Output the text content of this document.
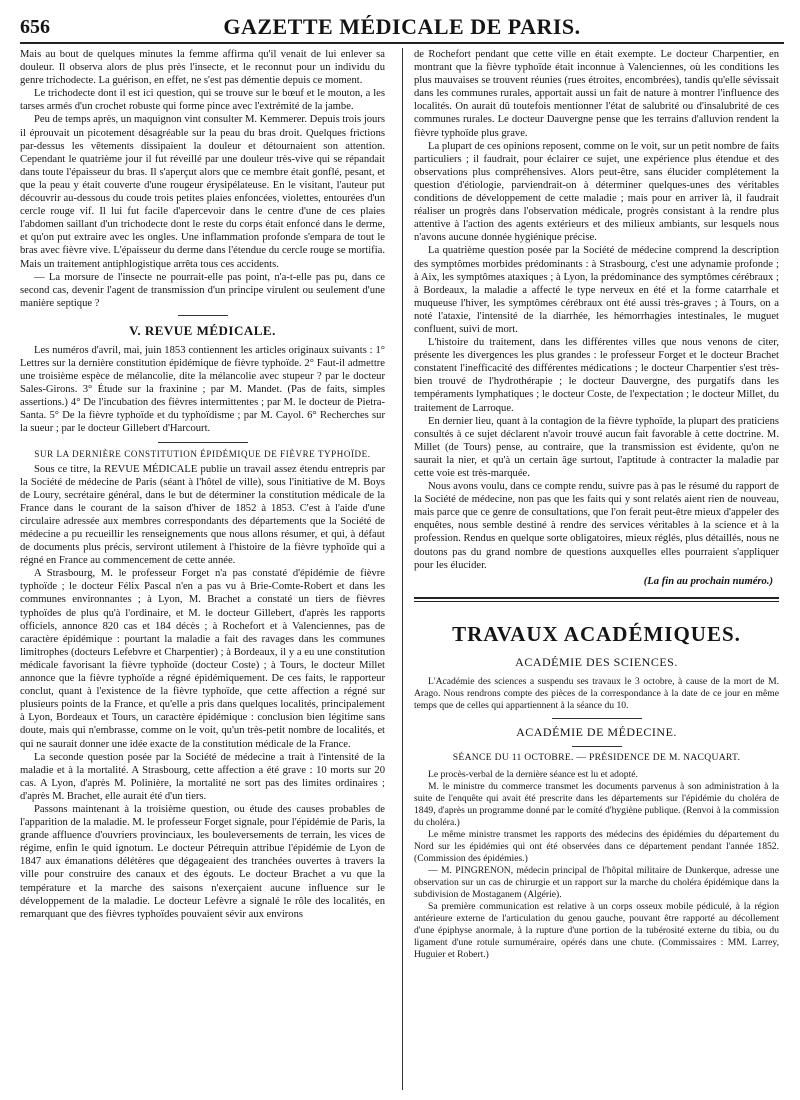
656	GAZETTE MÉDICALE DE PARIS.

Mais au bout de quelques minutes la femme affirma qu'il venait de lui enlever sa douleur. Il observa alors de plus près l'insecte, et le reconnut pour un individu du genre trichodecte. La guérison, en effet, ne s'est pas démentie depuis ce moment.

Le trichodecte dont il est ici question, qui se trouve sur le bœuf et le mouton, a les tarses armés d'un crochet robuste qui forme pince avec l'extrémité de la jambe.

Peu de temps après, un maquignon vint consulter M. Kemmerer. Depuis trois jours il éprouvait un picotement désagréable sur la peau du bras droit. Quelques frictions par-dessus les vêtements dissipaient la douleur et détournaient son attention. Cependant le quatrième jour il fut réveillé par une douleur très-vive qui se répandait dans toute l'épaisseur du bras. Il s'aperçut alors que ce membre était gonflé, pesant, et que la peau y était couverte d'une rougeur érysipélateuse. En le visitant, l'auteur put découvrir au-dessous du coude trois petites plaies enfoncées, violettes, entourées d'un cercle rouge vif. Il lui fut facile d'apercevoir dans le centre d'une de ces plaies l'abdomen saillant d'un trichodecte dont le reste du corps était enfoncé dans le derme, et qu'on put extraire avec les ongles. Une inflammation profonde s'empara de tout le bras avec fièvre vive. L'épaisseur du derme dans l'étendue du cercle rouge se mortifia. Mais un traitement antiphlogistique arrêta tous ces accidents.

— La morsure de l'insecte ne pourrait-elle pas point, n'a-t-elle pas pu, dans ce second cas, devenir l'agent de transmission d'un principe virulent ou seulement d'une manière septique ?

V. REVUE MÉDICALE.

Les numéros d'avril, mai, juin 1853 contiennent les articles originaux suivants : 1° Lettres sur la dernière constitution épidémique de fièvre typhoïde. 2° Faut-il admettre une troisième espèce de mélancolie, dite la mélancolie avec stupeur ? par le docteur Sales-Girons. 3° Étude sur la fraxinine ; par M. Mandet. (Pas de faits, simples assertions.) 4° De l'incubation des fièvres intermittentes ; par M. le docteur de Pietra-Santa. 5° De la fièvre typhoïde et du typhoïdisme ; par M. Cayol. 6° Recherches sur la sueur ; par le docteur Gillebert d'Harcourt.

SUR LA DERNIÈRE CONSTITUTION ÉPIDÉMIQUE DE FIÈVRE TYPHOÏDE.

Sous ce titre, la REVUE MÉDICALE publie un travail assez étendu entrepris par la Société de médecine de Paris (séant à l'hôtel de ville), sous l'initiative de M. Boys de Loury, secrétaire général, dans le but de déterminer la constitution médicale de la France dans le courant de la saison d'hiver de 1852 à 1853. C'est à l'aide d'une circulaire adressée aux membres correspondants des départements que la Société de médecine a pu recueillir les renseignements que nous allons résumer, et qui, à défaut de documents plus précis, serviront utilement à l'histoire de la fièvre typhoïde qui a régné en France au commencement de cette année.

A Strasbourg, M. le professeur Forget n'a pas constaté d'épidémie de fièvre typhoïde ; le docteur Félix Pascal n'en a pas vu à Brie-Comte-Robert et dans les communes environnantes ; à Lyon, M. Brachet a constaté un tiers de fièvres typhoïdes de plus qu'à l'ordinaire, et M. le docteur Gillebert, d'après les rapports officiels, annonce 820 cas et 184 décès ; à Rochefort et à Valenciennes, pas de caractère épidémique : pourtant la maladie a fait des ravages dans les communes limitrophes (docteurs Lefebvre et Charpentier) ; à Bordeaux, il y a eu une constitution médicale favorisant la fièvre typhoïde (docteur Coste) ; à Tours, le docteur Millet annonce que la fièvre typhoïde a régné épidémiquement. De ces faits, le rapporteur conclut, quant à l'existence de la fièvre typhoïde, que cette affection a régné sur plusieurs points de la France, et qu'elle a pris dans quelques localités, principalement à Lyon, Bordeaux et Tours, un caractère épidémique : conclusion bien légitime sans doute, mais qui n'embrasse, comme on le voit, qu'un très-petit nombre de localités, et qui ne saurait donner une idée exacte de la constitution médicale de la France.

La seconde question posée par la Société de médecine a trait à l'intensité de la maladie et à la mortalité. A Strasbourg, cette affection a été grave : 10 morts sur 20 cas. A Lyon, d'après M. Polinière, la mortalité ne sort pas des limites ordinaires ; d'après M. Brachet, elle aurait été d'un tiers.

Passons maintenant à la troisième question, ou étude des causes probables de l'apparition de la maladie. M. le professeur Forget signale, pour l'épidémie de Paris, la grande affluence d'ouvriers provinciaux, les bouleversements de terrain, les vices de régime, enfin le quid ignotum. Le docteur Pétrequin attribue l'épidémie de Lyon de 1847 aux émanations délétères que dégageaient des tranchées ouvertes à travers la ville pour construire des canaux et des égouts. Le docteur Brachet a vu que la température et la marche des saisons n'exerçaient aucune influence sur le développement de la maladie. Le docteur Lefèvre a signalé le rôle des localités, en remarquant que des fièvres typhoïdes pouvaient sévir aux environs

de Rochefort pendant que cette ville en était exempte. Le docteur Charpentier, en montrant que la fièvre typhoïde était inconnue à Valenciennes, où les conditions les plus mauvaises se trouvent réunies (rues étroites, encombrées), tandis qu'elle sévissait dans les communes rurales, apportait aussi un fait de nature à montrer l'influence des localités. On aurait dû toutefois mentionner l'état de salubrité ou d'insalubrité de ces communes rurales. Le docteur Dauvergne pense que les terrains d'alluvion rendent la fièvre typhoïde plus grave.

La plupart de ces opinions reposent, comme on le voit, sur un petit nombre de faits particuliers ; il faudrait, pour éclairer ce sujet, une expérience plus étendue et des observations plus compréhensives. Alors peut-être, sans élucider complétement la question d'étiologie, parviendrait-on à déterminer quelques-unes des véritables conditions de développement de cette maladie ; mais pour en arriver là, il faudrait réaliser un progrès dans l'observation médicale, progrès consistant à la rendre plus attentive à l'action des agents extérieurs et des milieux ambiants, sur lesquels nous n'avons aucune donnée hygiénique précise.

La quatrième question posée par la Société de médecine comprend la description des symptômes morbides prédominants : à Strasbourg, c'est une adynamie profonde ; à Aix, les symptômes ataxiques ; à Lyon, la prédominance des symptômes cérébraux ; à Bordeaux, la maladie a affecté le type nerveux en été et la forme catarrhale et muqueuse l'hiver, les symptômes cérébraux ont été aussi très-graves ; à Tours, on a noté l'ataxie, l'intensité de la diarrhée, les hémorrhagies intestinales, le muguet confluent, suivi de mort.

L'histoire du traitement, dans les différentes villes que nous venons de citer, présente les divergences les plus grandes : le professeur Forget et le docteur Brachet constatent l'inefficacité des différentes médications ; le docteur Charpentier s'est très-bien trouvé de l'hydrothérapie ; le docteur Dauvergne, des purgatifs dans les tempéraments lymphatiques ; le docteur Coste, de l'expectation ; le docteur Millet, du traitement de Larroque.

En dernier lieu, quant à la contagion de la fièvre typhoïde, la plupart des praticiens consultés à ce sujet déclarent n'avoir trouvé aucun fait favorable à cette doctrine. M. Millet (de Tours) pense, au contraire, que la transmission est évidente, qu'on ne saurait la nier, et qu'à un certain âge surtout, l'aptitude à contracter la maladie par cette voie est très-marquée.

Nous avons voulu, dans ce compte rendu, suivre pas à pas le résumé du rapport de la Société de médecine, non pas que les faits qui y sont relatés aient rien de nouveau, mais parce que ce genre de consultations, que l'on ferait peut-être mieux d'appeler des enquêtes, nous semble destiné à rendre des services véritables à la science et à la profession. Rendus en quelque sorte obligatoires, mieux réglés, plus détaillés, nous ne doutons pas du grand nombre de questions auxquelles elles pourraient s'appliquer pour les élucider.

(La fin au prochain numéro.)
TRAVAUX ACADÉMIQUES.
ACADÉMIE DES SCIENCES.

L'Académie des sciences a suspendu ses travaux le 3 octobre, à cause de la mort de M. Arago. Nous rendrons compte des pièces de la correspondance à la date de ce jour en même temps que de celles qui appartiennent à la séance du 10.

ACADÉMIE DE MÉDECINE.
SÉANCE DU 11 OCTOBRE. — PRÉSIDENCE DE M. NACQUART.

Le procès-verbal de la dernière séance est lu et adopté.

M. le ministre du commerce transmet les documents parvenus à son administration à la suite de l'enquête qui avait été prescrite dans les départements sur l'épidémie du choléra de 1849, d'après un programme donné par le comité d'hygiène publique. (Renvoi à la commission du choléra.)

Le même ministre transmet les rapports des médecins des épidémies du département du Nord sur les épidémies qui ont été observées dans ce département pendant l'année 1852. (Commission des épidémies.)

— M. PINGRENON, médecin principal de l'hôpital militaire de Dunkerque, adresse une observation sur un cas de chirurgie et un rapport sur la marche du choléra épidémique dans la subdivision de Mostaganem (Algérie).

Sa première communication est relative à un corps osseux mobile pédiculé, à la région antérieure externe de l'articulation du genou gauche, pouvant être rapporté au décollement d'une épiphyse anormale, à la rupture d'une portion de la tubérosité externe du tibia, ou du ligament d'une rotule surnuméraire, opérés dans une chute. (Commissaires : MM. Larrey, Huguier et Robert.)
